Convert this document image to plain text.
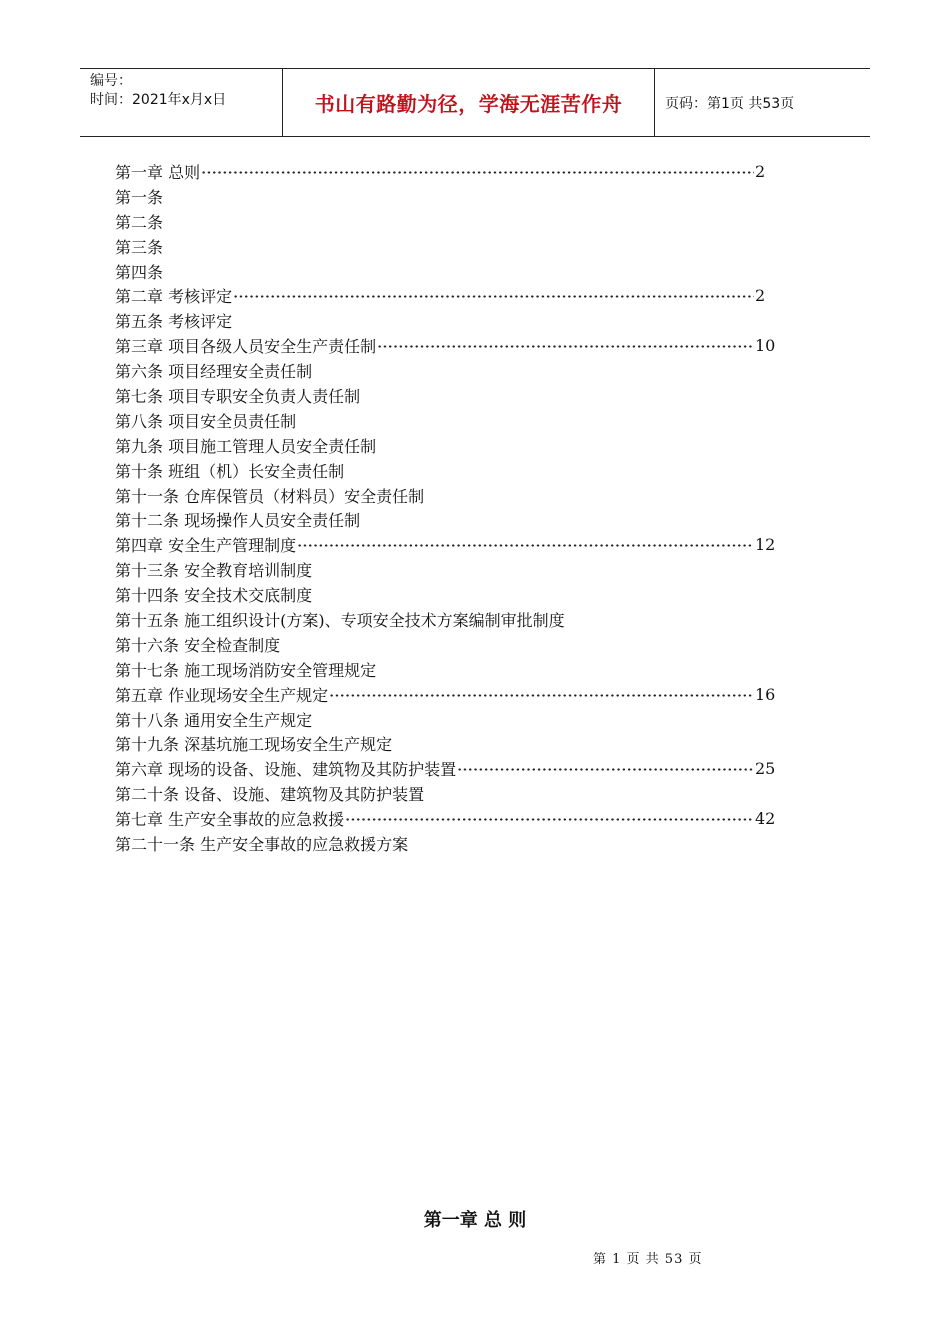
编号：
时间：2021年x月x日	书山有路勤为径，学海无涯苦作舟	页码：第1页 共53页
第一章 总则	2
第一条
第二条
第三条
第四条
第二章 考核评定	2
第五条 考核评定
第三章 项目各级人员安全生产责任制	10
第六条 项目经理安全责任制
第七条 项目专职安全负责人责任制
第八条 项目安全员责任制
第九条 项目施工管理人员安全责任制
第十条 班组（机）长安全责任制
第十一条 仓库保管员（材料员）安全责任制
第十二条 现场操作人员安全责任制
第四章 安全生产管理制度	12
第十三条 安全教育培训制度
第十四条 安全技术交底制度
第十五条 施工组织设计(方案)、专项安全技术方案编制审批制度
第十六条 安全检查制度
第十七条 施工现场消防安全管理规定
第五章 作业现场安全生产规定	16
第十八条 通用安全生产规定
第十九条 深基坑施工现场安全生产规定
第六章 现场的设备、设施、建筑物及其防护装置	25
第二十条 设备、设施、建筑物及其防护装置
第七章 生产安全事故的应急救援	42
第二十一条 生产安全事故的应急救援方案
第一章 总 则
第 1 页 共 53 页
